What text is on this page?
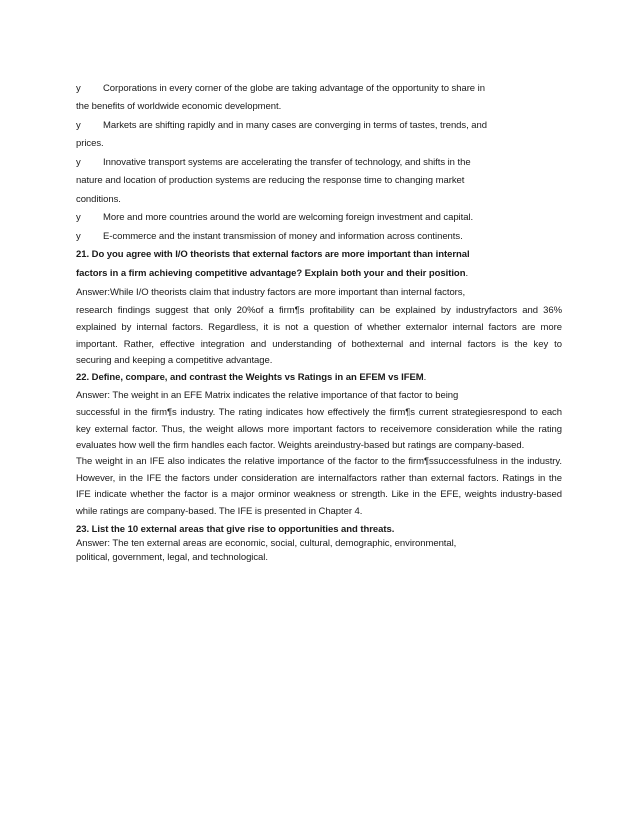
y Corporations in every corner of the globe are taking advantage of the opportunity to share in
the benefits of worldwide economic development.
y Markets are shifting rapidly and in many cases are converging in terms of tastes, trends, and
prices.
y Innovative transport systems are accelerating the transfer of technology, and shifts in the
nature and location of production systems are reducing the response time to changing market
conditions.
y More and more countries around the world are welcoming foreign investment and capital.
y E-commerce and the instant transmission of money and information across continents.
21. Do you agree with I/O theorists that external factors are more important than internal
factors in a firm achieving competitive advantage? Explain both your and their position.
Answer:While I/O theorists claim that industry factors are more important than internal factors,
research findings suggest that only 20%of a firm¶s profitability can be explained by industryfactors and 36%
explained by internal factors. Regardless, it is not a question of whether externalor internal factors are more
important. Rather, effective integration and understanding of bothexternal and internal factors is the key to
securing and keeping a competitive advantage.
22. Define, compare, and contrast the Weights vs Ratings in an EFEM vs IFEM.
Answer: The weight in an EFE Matrix indicates the relative importance of that factor to being
successful in the firm¶s industry. The rating indicates how effectively the firm¶s current strategiesrespond to each
key external factor. Thus, the weight allows more important factors to receivemore consideration while the rating
evaluates how well the firm handles each factor. Weights areindustry-based but ratings are company-based.
The weight in an IFE also indicates the relative importance of the factor to the firm¶ssuccessfulness in the industry.
However, in the IFE the factors under consideration are internalfactors rather than external factors. Ratings in the
IFE indicate whether the factor is a major orminor weakness or strength. Like in the EFE, weights industry-based
while ratings are company-based. The IFE is presented in Chapter 4.
23. List the 10 external areas that give rise to opportunities and threats.
Answer: The ten external areas are economic, social, cultural, demographic, environmental,
political, government, legal, and technological.
